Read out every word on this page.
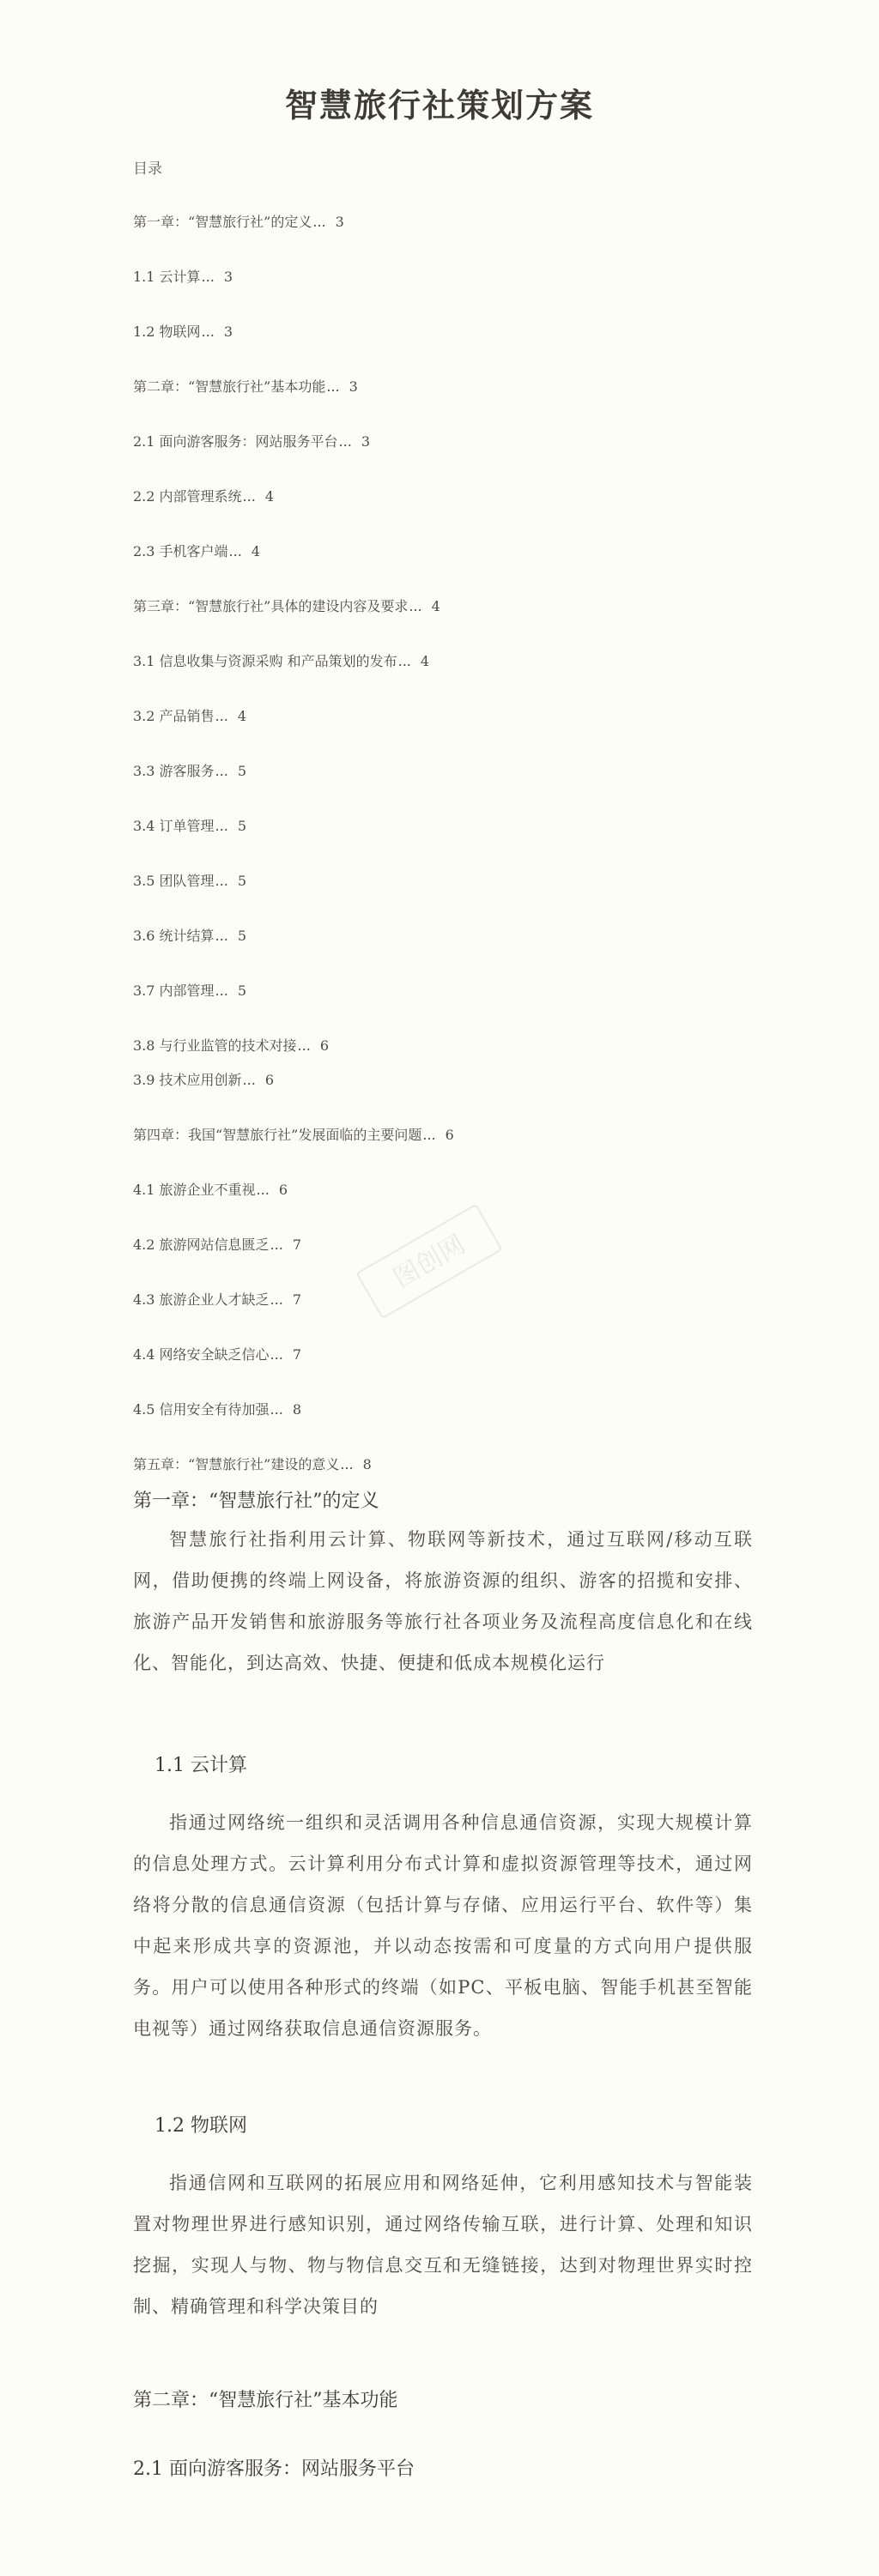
智慧旅行社策划方案
目录
第一章：“智慧旅行社”的定义... 3
1.1 云计算... 3
1.2 物联网... 3
第二章：“智慧旅行社”基本功能... 3
2.1 面向游客服务：网站服务平台... 3
2.2 内部管理系统... 4
2.3 手机客户端... 4
第三章：“智慧旅行社”具体的建设内容及要求... 4
3.1 信息收集与资源采购 和产品策划的发布... 4
3.2 产品销售... 4
3.3 游客服务... 5
3.4 订单管理... 5
3.5 团队管理... 5
3.6 统计结算... 5
3.7 内部管理... 5
3.8 与行业监管的技术对接... 6
3.9 技术应用创新... 6
第四章：我国“智慧旅行社”发展面临的主要问题... 6
4.1 旅游企业不重视... 6
4.2 旅游网站信息匮乏... 7
4.3 旅游企业人才缺乏... 7
4.4 网络安全缺乏信心... 7
4.5 信用安全有待加强... 8
第五章：“智慧旅行社”建设的意义... 8
第一章：“智慧旅行社”的定义
智慧旅行社指利用云计算、物联网等新技术，通过互联网/移动互联网，借助便携的终端上网设备，将旅游资源的组织、游客的招揽和安排、旅游产品开发销售和旅游服务等旅行社各项业务及流程高度信息化和在线化、智能化，到达高效、快捷、便捷和低成本规模化运行
1.1 云计算
指通过网络统一组织和灵活调用各种信息通信资源，实现大规模计算的信息处理方式。云计算利用分布式计算和虚拟资源管理等技术，通过网络将分散的信息通信资源（包括计算与存储、应用运行平台、软件等）集中起来形成共享的资源池，并以动态按需和可度量的方式向用户提供服务。用户可以使用各种形式的终端（如PC、平板电脑、智能手机甚至智能电视等）通过网络获取信息通信资源服务。
1.2 物联网
指通信网和互联网的拓展应用和网络延伸，它利用感知技术与智能装置对物理世界进行感知识别，通过网络传输互联，进行计算、处理和知识挖掘，实现人与物、物与物信息交互和无缝链接，达到对物理世界实时控制、精确管理和科学决策目的
第二章：“智慧旅行社”基本功能
2.1 面向游客服务：网站服务平台
图创网
